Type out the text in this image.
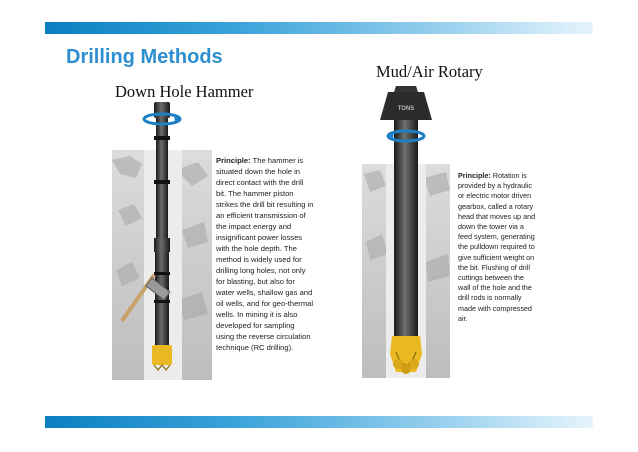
Drilling Methods
Down Hole Hammer
Mud/Air Rotary
Principle: The hammer is situated down the hole in direct contact with the drill bit. The hammer piston strikes the drill bit resulting in an efficient transmission of the impact energy and insignificant power losses with the hole depth. The method is widely used for drilling long holes, not only for blasting, but also for water wells, shallow gas and oil wells, and for geo-thermal wells. In mining it is also developed for sampling using the reverse circulation technique (RC drilling).
TONS
Principle: Rotation is provided by a hydraulic or electric motor driven gearbox, called a rotary head that moves up and down the tower via a feed system, generating the pulldown required to give sufficient weight on the bit. Flushing of drill cuttings between the wall of the hole and the drill rods is normally made with compressed air.
